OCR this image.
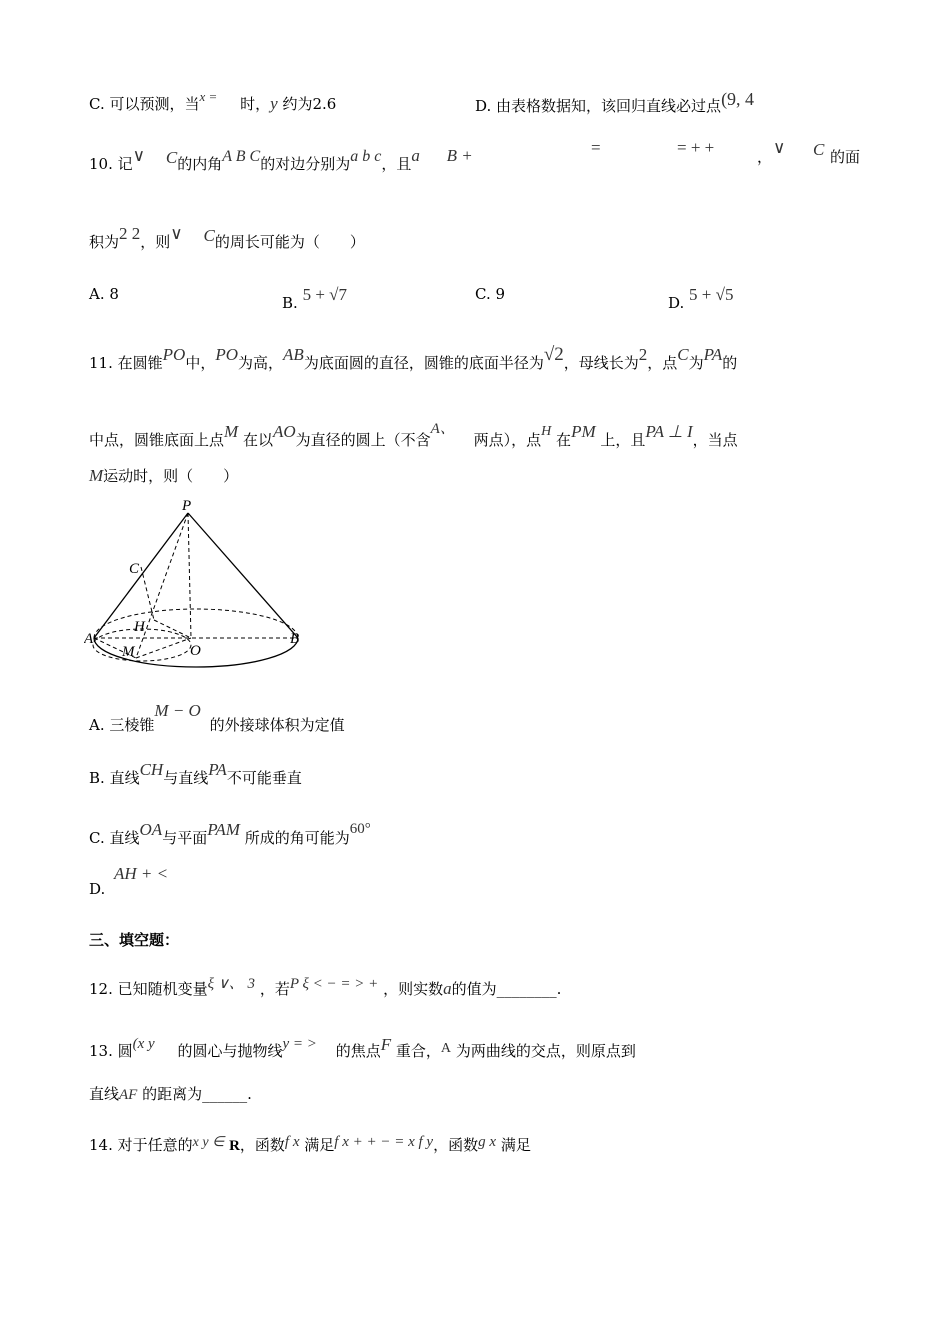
C. 可以预测，当x = 时，y 约为2.6	D. 由表格数据知，该回归直线必过点(9, 4
10. 记∨ C的内角A B C的对边分别为a b c，且a B +	=	= + +	， ∨ C 的面
积为2 2，则∨ C的周长可能为（　　）
A. 8	B. 5 + √7	C. 9	D. 5 + √5
11. 在圆锥PO中，PO为高，AB为底面圆的直径，圆锥的底面半径为√2，母线长为2，点C为PA的
中点，圆锥底面上点M 在以AO为直径的圆上（不含A、 两点），点H 在PM 上，且PA ⊥ I，当点
M运动时，则（　　）
P
C
H
A
M	O
B
A. 三棱锥M − O 的外接球体积为定值
B. 直线CH与直线PA不可能垂直
C. 直线OA与平面PAM 所成的角可能为60°
AH + <
D.
三、填空题：
12. 已知随机变量ξ ∨、 3 ，若P ξ < − = > + ，则实数a的值为________.
13. 圆(x y 的圆心与抛物线y = > 的焦点F 重合，A 为两曲线的交点，则原点到
直线AF 的距离为______.
14. 对于任意的x y ∈ R，函数f x 满足f x + + − = x f y，函数g x 满足
